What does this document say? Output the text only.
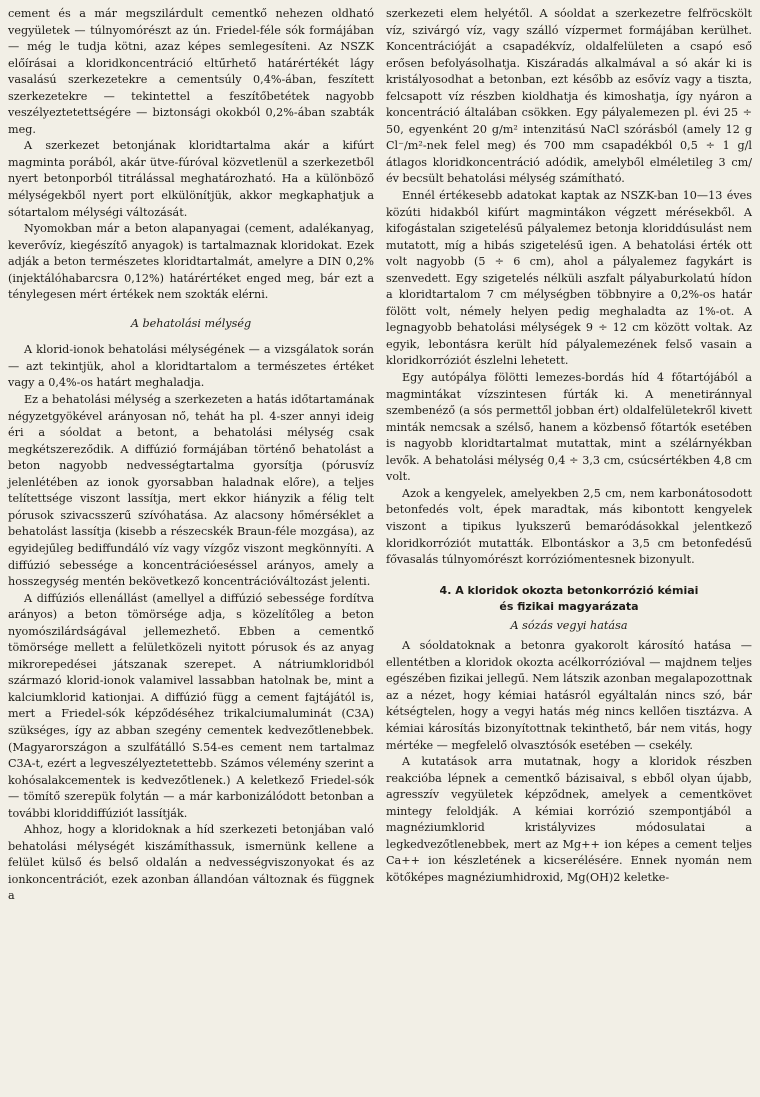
cement és a már megszilárdult cementkő nehezen oldható vegyületek — túlnyomórészt az ún. Friedel-féle sók formájában — még le tudja kötni, azaz képes semlegesíteni. Az NSZK előírásai a kloridkoncentráció eltűrhető határértékét lágy vasalású szerkezetekre a cementsúly 0,4%-ában, feszített szerkezetekre — tekintettel a feszítőbetétek nagyobb veszélyeztetettségére — biztonsági okokból 0,2%-ában szabták meg.

A szerkezet betonjának kloridtartalma akár a kifúrt magminta porából, akár ütve-fúróval közvetlenül a szerkezetből nyert betonporból titrálással meghatározható. Ha a különböző mélységekből nyert port elkülönítjük, akkor megkaphatjuk a sótartalom mélységi változását.

Nyomokban már a beton alapanyagai (cement, adalékanyag, keverővíz, kiegészítő anyagok) is tartalmaznak kloridokat. Ezek adják a beton természetes kloridtartalmát, amelyre a DIN 0,2% (injektálóhabarcsra 0,12%) határértéket enged meg, bár ezt a ténylegesen mért értékek nem szokták elérni.

A behatolási mélység

A klorid-ionok behatolási mélységének — a vizsgálatok során — azt tekintjük, ahol a kloridtartalom a természetes értéket vagy a 0,4%-os határt meghaladja.

Ez a behatolási mélység a szerkezeten a hatás időtartamának négyzetgyökével arányosan nő, tehát ha pl. 4-szer annyi ideig éri a sóoldat a betont, a behatolási mélység csak megkétszereződik. A diffúzió formájában történő behatolást a beton nagyobb nedvességtartalma gyorsítja (pórusvíz jelenlétében az ionok gyorsabban haladnak előre), a teljes telítettsége viszont lassítja, mert ekkor hiányzik a félig telt pórusok szivacsszerű szívóhatása. Az alacsony hőmérséklet a behatolást lassítja (kisebb a részecskék Braun-féle mozgása), az egyidejűleg bediffundáló víz vagy vízgőz viszont megkönnyíti. A diffúzió sebessége a koncentrációeséssel arányos, amely a hosszegység mentén bekövetkező koncentrációváltozást jelenti.

A diffúziós ellenállást (amellyel a diffúzió sebessége fordítva arányos) a beton tömörsége adja, s közelítőleg a beton nyomószilárdságával jellemezhető. Ebben a cementkő tömörsége mellett a felületközeli nyitott pórusok és az anyag mikrorepedései játszanak szerepet. A nátriumkloridból származó klorid-ionok valamivel lassabban hatolnak be, mint a kalciumklorid kationjai. A diffúzió függ a cement fajtájától is, mert a Friedel-sók képződéséhez trikalciumaluminát (C3A) szükséges, így az abban szegény cementek kedvezőtlenebbek. (Magyarországon a szulfátálló S.54-es cement nem tartalmaz C3A-t, ezért a legveszélyeztetettebb. Számos vélemény szerint a kohósalakcementek is kedvezőtlenek.) A keletkező Friedel-sók — tömítő szerepük folytán — a már karbonizálódott betonban a további kloriddiffúziót lassítják.

Ahhoz, hogy a kloridoknak a híd szerkezeti betonjában való behatolási mélységét kiszámíthassuk, ismernünk kellene a felület külső és belső oldalán a nedvességviszonyokat és az ionkoncentrációt, ezek azonban állandóan változnak és függnek a

szerkezeti elem helyétől. A sóoldat a szerkezetre felfröcskölt víz, szivárgó víz, vagy szálló vízpermet formájában kerülhet. Koncentrációját a csapadékvíz, oldalfelületen a csapó eső erősen befolyásolhatja. Kiszáradás alkalmával a só akár ki is kristályosodhat a betonban, ezt később az esővíz vagy a tiszta, felcsapott víz részben kioldhatja és kimoshatja, így nyáron a koncentráció általában csökken. Egy pályalemezen pl. évi 25 ÷ 50, egyenként 20 g/m² intenzitású NaCl szórásból (amely 12 g Cl⁻/m²-nek felel meg) és 700 mm csapadékból 0,5 ÷ 1 g/l átlagos kloridkoncentráció adódik, amelyből elméletileg 3 cm/év becsült behatolási mélység számítható.

Ennél értékesebb adatokat kaptak az NSZK-ban 10—13 éves közúti hidakból kifúrt magmintákon végzett mérésekből. A kifogástalan szigetelésű pályalemez betonja kloriddúsulást nem mutatott, míg a hibás szigetelésű igen. A behatolási érték ott volt nagyobb (5 ÷ 6 cm), ahol a pályalemez fagykárt is szenvedett. Egy szigetelés nélküli aszfalt pályaburkolatú hídon a kloridtartalom 7 cm mélységben többnyire a 0,2%-os határ fölött volt, némely helyen pedig meghaladta az 1%-ot. A legnagyobb behatolási mélységek 9 ÷ 12 cm között voltak. Az egyik, lebontásra került híd pályalemezének felső vasain a kloridkorróziót észlelni lehetett.

Egy autópálya fölötti lemezes-bordás híd 4 főtartójából a magmintákat vízszintesen fúrták ki. A menetiránnyal szembenéző (a sós permettől jobban ért) oldalfelületekről kivett minták nemcsak a szélső, hanem a közbenső főtartók esetében is nagyobb kloridtartalmat mutattak, mint a szélárnyékban levők. A behatolási mélység 0,4 ÷ 3,3 cm, csúcsértékben 4,8 cm volt.

Azok a kengyelek, amelyekben 2,5 cm, nem karbonátosodott betonfedés volt, épek maradtak, más kibontott kengyelek viszont a tipikus lyukszerű bemaródásokkal jelentkező kloridkorróziót mutatták. Elbontáskor a 3,5 cm betonfedésű fővasalás túlnyomórészt korróziómentesnek bizonyult.

4. A kloridok okozta betonkorrózió kémiai
és fizikai magyarázata
A sózás vegyi hatása

A sóoldatoknak a betonra gyakorolt károsító hatása — ellentétben a kloridok okozta acélkorrózióval — majdnem teljes egészében fizikai jellegű. Nem látszik azonban megalapozottnak az a nézet, hogy kémiai hatásról egyáltalán nincs szó, bár kétségtelen, hogy a vegyi hatás még nincs kellően tisztázva. A kémiai károsítás bizonyítottnak tekinthető, bár nem vitás, hogy mértéke — megfelelő olvasztósók esetében — csekély.

A kutatások arra mutatnak, hogy a kloridok részben reakcióba lépnek a cementkő bázisaival, s ebből olyan újabb, agresszív vegyületek képződnek, amelyek a cementkövet mintegy feloldják. A kémiai korrózió szempontjából a magnéziumklorid kristályvizes módosulatai a legkedvezőtlenebbek, mert az Mg++ ion képes a cement teljes Ca++ ion készletének a kicserélésére. Ennek nyomán nem kötőképes magnéziumhidroxid, Mg(OH)2 keletke-
